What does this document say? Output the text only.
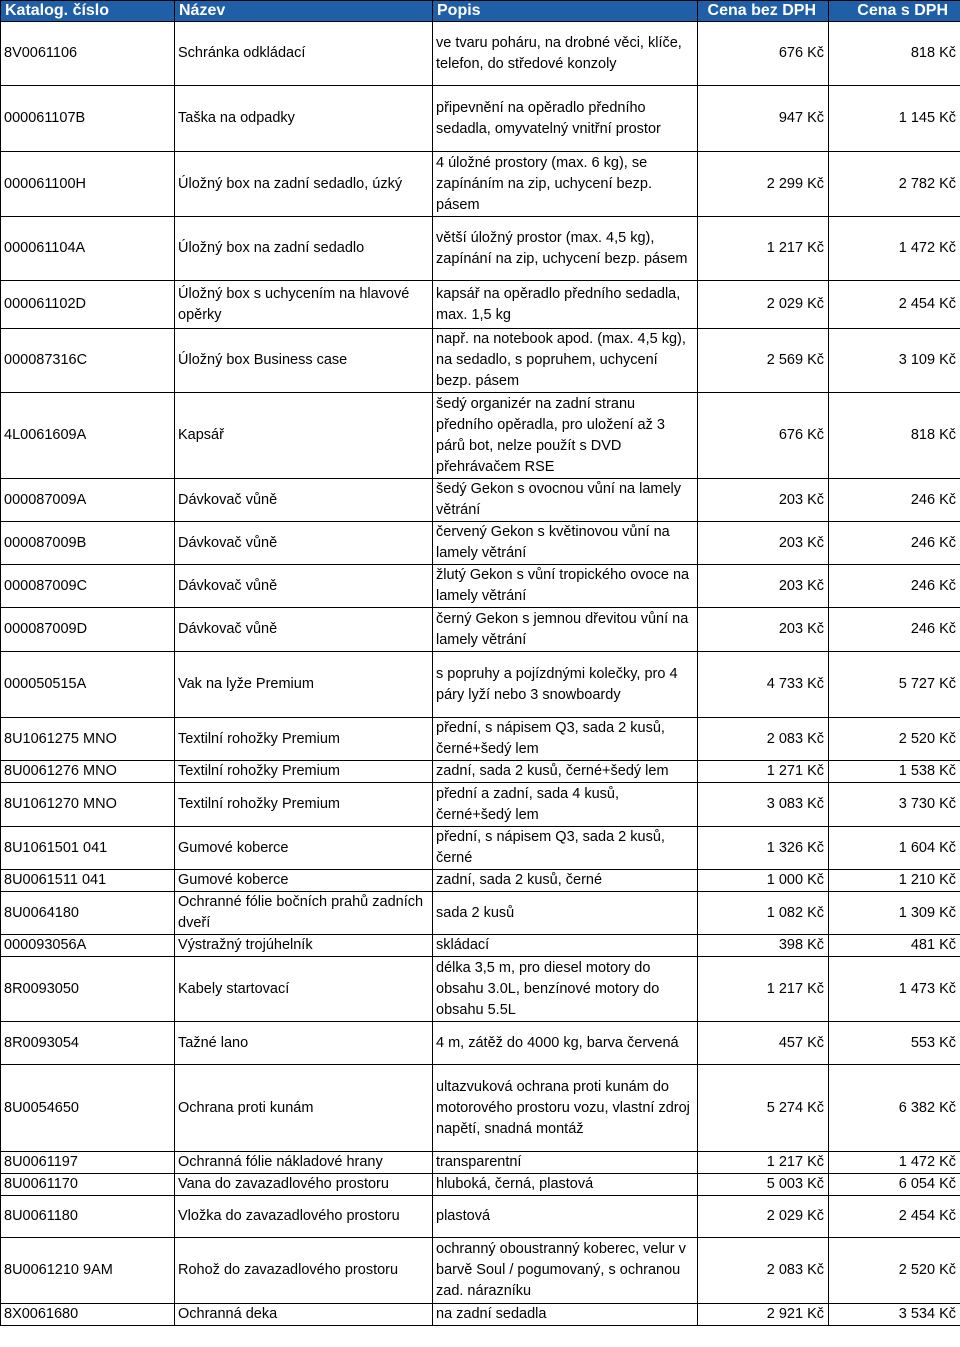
Katalog. číslo	Název	Popis	Cena bez DPH	Cena s DPH
8V0061106	Schránka odkládací	ve tvaru poháru, na drobné věci, klíče, telefon, do středové konzoly	676 Kč	818 Kč
000061107B	Taška na odpadky	připevnění na opěradlo předního sedadla, omyvatelný vnitřní prostor	947 Kč	1 145 Kč
000061100H	Úložný box na zadní sedadlo, úzký	4 úložné prostory (max. 6 kg), se zapínáním na zip, uchycení bezp. pásem	2 299 Kč	2 782 Kč
000061104A	Úložný box na zadní sedadlo	větší úložný prostor (max. 4,5 kg), zapínání na zip, uchycení bezp. pásem	1 217 Kč	1 472 Kč
000061102D	Úložný box s uchycením na hlavové opěrky	kapsář na opěradlo předního sedadla, max. 1,5 kg	2 029 Kč	2 454 Kč
000087316C	Úložný box Business case	např. na notebook apod. (max. 4,5 kg), na sedadlo, s popruhem, uchycení bezp. pásem	2 569 Kč	3 109 Kč
4L0061609A	Kapsář	šedý organizér na zadní stranu předního opěradla, pro uložení až 3 párů bot, nelze použít s DVD přehrávačem RSE	676 Kč	818 Kč
000087009A	Dávkovač vůně	šedý Gekon s ovocnou vůní na lamely větrání	203 Kč	246 Kč
000087009B	Dávkovač vůně	červený Gekon s květinovou vůní na lamely větrání	203 Kč	246 Kč
000087009C	Dávkovač vůně	žlutý Gekon s vůní tropického ovoce na lamely větrání	203 Kč	246 Kč
000087009D	Dávkovač vůně	černý Gekon s jemnou dřevitou vůní na lamely větrání	203 Kč	246 Kč
000050515A	Vak na lyže Premium	s popruhy a pojízdnými kolečky, pro 4 páry lyží nebo 3 snowboardy	4 733 Kč	5 727 Kč
8U1061275 MNO	Textilní rohožky Premium	přední, s nápisem Q3, sada 2 kusů, černé+šedý lem	2 083 Kč	2 520 Kč
8U0061276 MNO	Textilní rohožky Premium	zadní, sada 2 kusů, černé+šedý lem	1 271 Kč	1 538 Kč
8U1061270 MNO	Textilní rohožky Premium	přední a zadní, sada 4 kusů, černé+šedý lem	3 083 Kč	3 730 Kč
8U1061501 041	Gumové koberce	přední, s nápisem Q3, sada 2 kusů, černé	1 326 Kč	1 604 Kč
8U0061511 041	Gumové koberce	zadní, sada 2 kusů, černé	1 000 Kč	1 210 Kč
8U0064180	Ochranné fólie bočních prahů zadních dveří	sada 2 kusů	1 082 Kč	1 309 Kč
000093056A	Výstražný trojúhelník	skládací	398 Kč	481 Kč
8R0093050	Kabely startovací	délka 3,5 m, pro diesel motory do obsahu 3.0L, benzínové motory do obsahu 5.5L	1 217 Kč	1 473 Kč
8R0093054	Tažné lano	4 m, zátěž do 4000 kg, barva červená	457 Kč	553 Kč
8U0054650	Ochrana proti kunám	ultazvuková ochrana proti kunám do motorového prostoru vozu, vlastní zdroj napětí, snadná montáž	5 274 Kč	6 382 Kč
8U0061197	Ochranná fólie nákladové hrany	transparentní	1 217 Kč	1 472 Kč
8U0061170	Vana do zavazadlového prostoru	hluboká, černá, plastová	5 003 Kč	6 054 Kč
8U0061180	Vložka do zavazadlového prostoru	plastová	2 029 Kč	2 454 Kč
8U0061210 9AM	Rohož do zavazadlového prostoru	ochranný oboustranný koberec, velur v barvě Soul / pogumovaný, s ochranou zad. nárazníku	2 083 Kč	2 520 Kč
8X0061680	Ochranná deka	na zadní sedadla	2 921 Kč	3 534 Kč
